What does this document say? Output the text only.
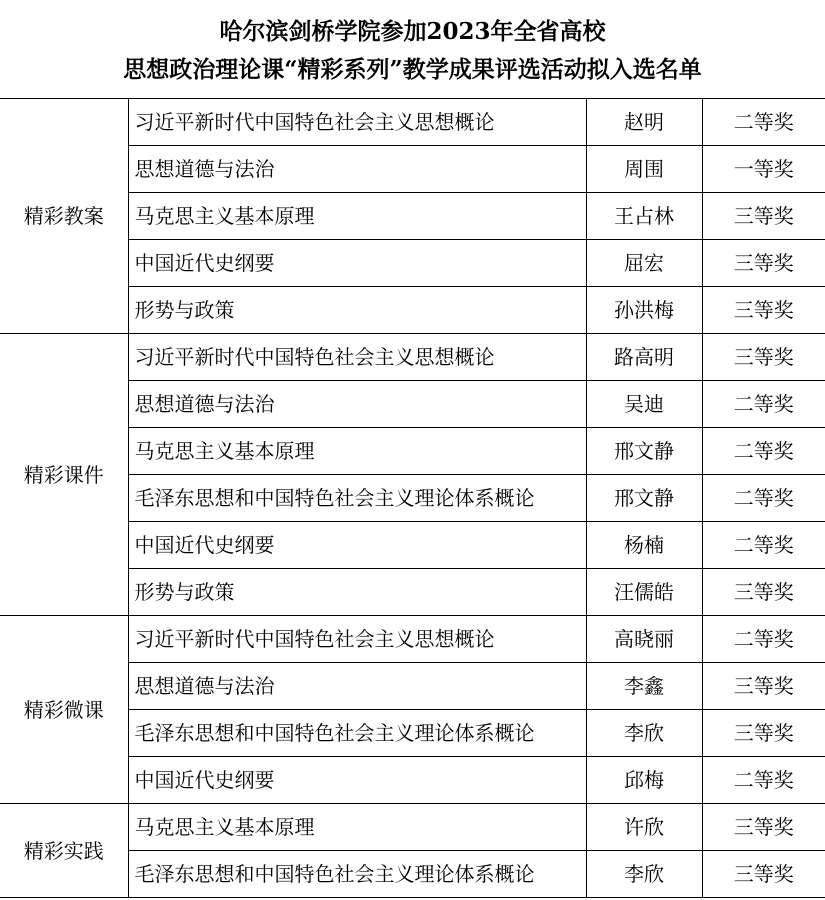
哈尔滨剑桥学院参加2023年全省高校
思想政治理论课“精彩系列”教学成果评选活动拟入选名单
精彩教案	习近平新时代中国特色社会主义思想概论	赵明	二等奖
	思想道德与法治	周围	一等奖
	马克思主义基本原理	王占林	三等奖
	中国近代史纲要	屈宏	三等奖
	形势与政策	孙洪梅	三等奖
精彩课件	习近平新时代中国特色社会主义思想概论	路高明	三等奖
	思想道德与法治	吴迪	二等奖
	马克思主义基本原理	邢文静	二等奖
	毛泽东思想和中国特色社会主义理论体系概论	邢文静	二等奖
	中国近代史纲要	杨楠	二等奖
	形势与政策	汪儒皓	三等奖
精彩微课	习近平新时代中国特色社会主义思想概论	高晓丽	二等奖
	思想道德与法治	李鑫	三等奖
	毛泽东思想和中国特色社会主义理论体系概论	李欣	三等奖
	中国近代史纲要	邱梅	二等奖
精彩实践	马克思主义基本原理	许欣	三等奖
	毛泽东思想和中国特色社会主义理论体系概论	李欣	三等奖
